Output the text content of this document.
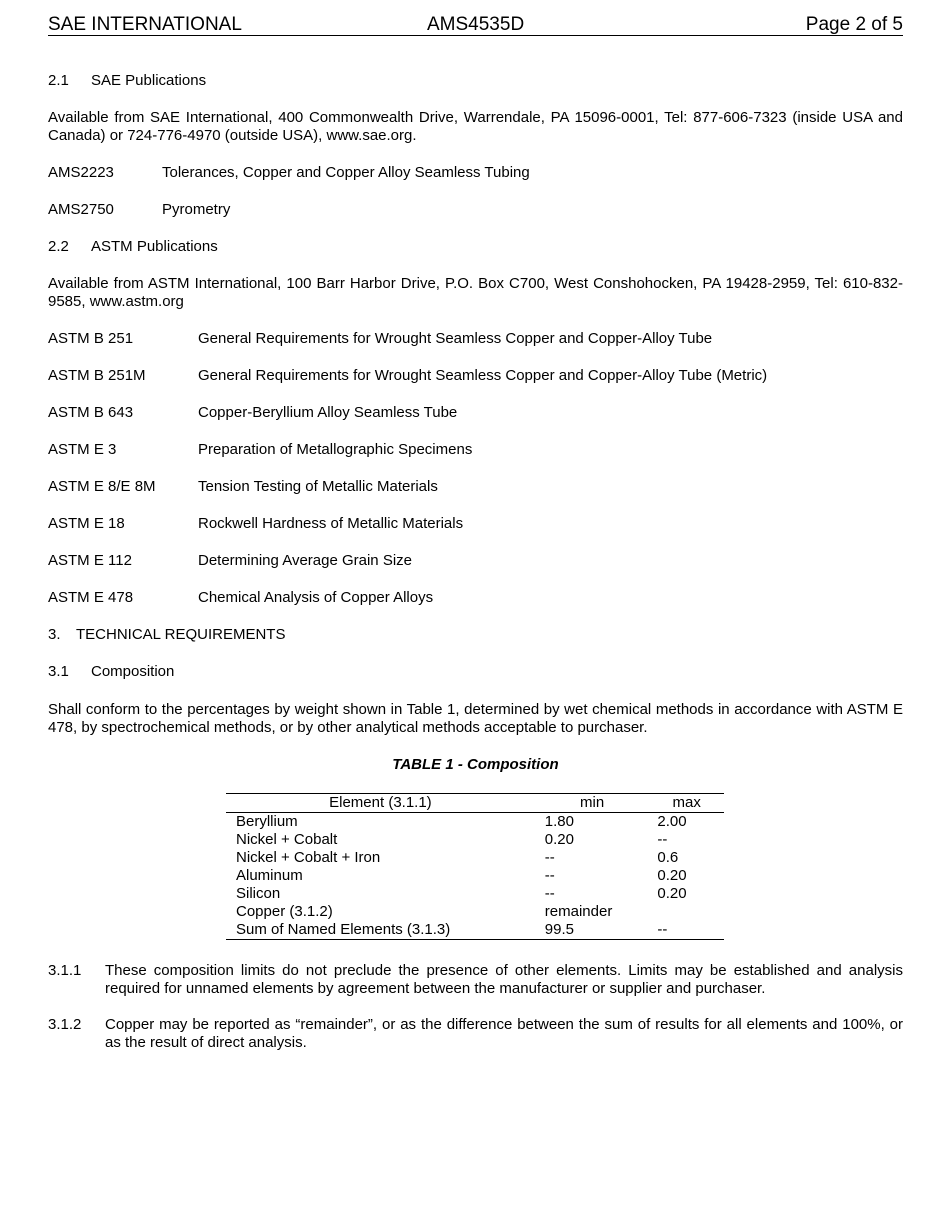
SAE INTERNATIONAL	AMS4535D	Page 2 of 5
2.1 SAE Publications
Available from SAE International, 400 Commonwealth Drive, Warrendale, PA 15096-0001, Tel: 877-606-7323 (inside USA and Canada) or 724-776-4970 (outside USA), www.sae.org.
AMS2223	Tolerances, Copper and Copper Alloy Seamless Tubing
AMS2750	Pyrometry
2.2 ASTM Publications
Available from ASTM International, 100 Barr Harbor Drive, P.O. Box C700, West Conshohocken, PA 19428-2959, Tel: 610-832-9585, www.astm.org
ASTM B 251	General Requirements for Wrought Seamless Copper and Copper-Alloy Tube
ASTM B 251M	General Requirements for Wrought Seamless Copper and Copper-Alloy Tube (Metric)
ASTM B 643	Copper-Beryllium Alloy Seamless Tube
ASTM E 3	Preparation of Metallographic Specimens
ASTM E 8/E 8M	Tension Testing of Metallic Materials
ASTM E 18	Rockwell Hardness of Metallic Materials
ASTM E 112	Determining Average Grain Size
ASTM E 478	Chemical Analysis of Copper Alloys
3. TECHNICAL REQUIREMENTS
3.1 Composition
Shall conform to the percentages by weight shown in Table 1, determined by wet chemical methods in accordance with ASTM E 478, by spectrochemical methods, or by other analytical methods acceptable to purchaser.
TABLE 1 - Composition
Element (3.1.1)	min	max
Beryllium	1.80	2.00
Nickel + Cobalt	0.20	--
Nickel + Cobalt + Iron	--	0.6
Aluminum	--	0.20
Silicon	--	0.20
Copper (3.1.2)	remainder	
Sum of Named Elements (3.1.3)	99.5	--
3.1.1 These composition limits do not preclude the presence of other elements. Limits may be established and analysis required for unnamed elements by agreement between the manufacturer or supplier and purchaser.
3.1.2 Copper may be reported as “remainder”, or as the difference between the sum of results for all elements and 100%, or as the result of direct analysis.
